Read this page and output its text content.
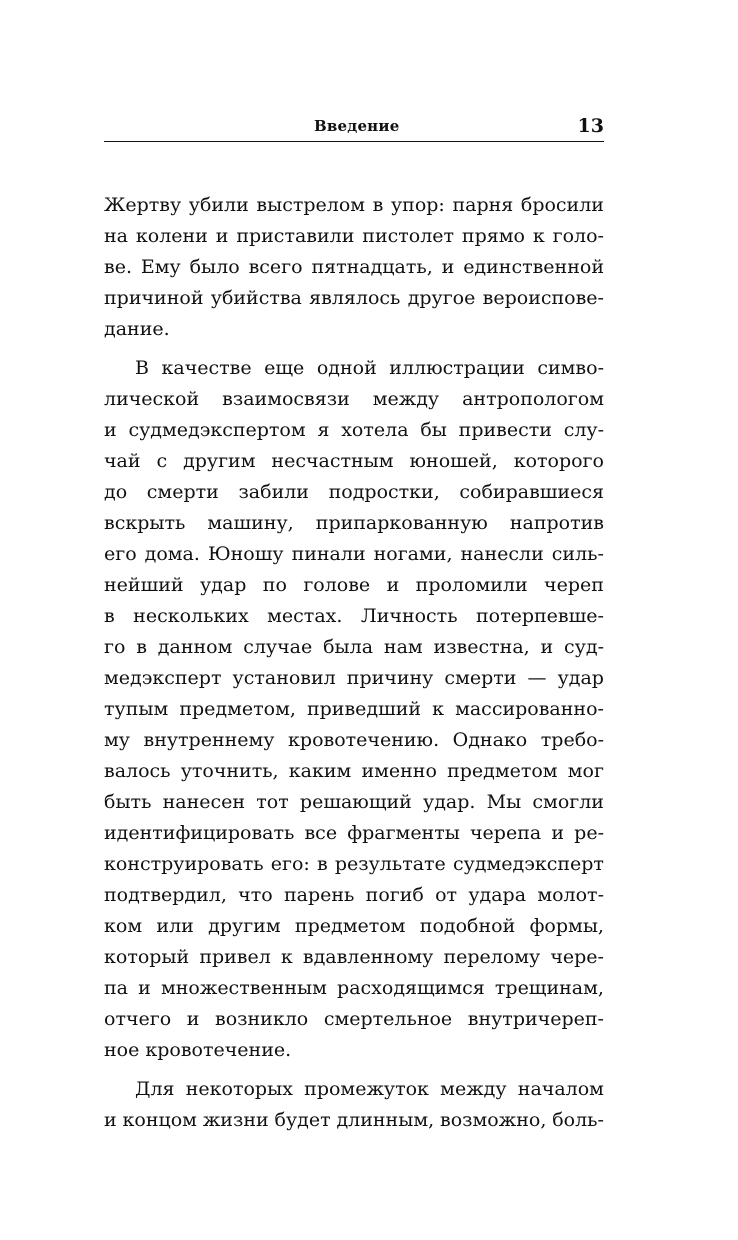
Введение	13
Жертву убили выстрелом в упор: парня бросили
на колени и приставили пистолет прямо к голо-
ве. Ему было всего пятнадцать, и единственной
причиной убийства являлось другое вероисповe-
дание.
В качестве еще одной иллюстрации симво-
лической взаимосвязи между антропологом
и судмедэкспертом я хотела бы привести слу-
чай с другим несчастным юношей, которого
до смерти забили подростки, собиравшиеся
вскрыть машину, припаркованную напротив
его дома. Юношу пинали ногами, нанесли силь-
нейший удар по голове и проломили череп
в нескольких местах. Личность потерпевше-
го в данном случае была нам известна, и суд-
медэксперт установил причину смерти — удар
тупым предметом, приведший к массированно-
му внутреннему кровотечению. Однако требо-
валось уточнить, каким именно предметом мог
быть нанесен тот решающий удар. Мы смогли
идентифицировать все фрагменты черепа и ре-
конструировать его: в результате судмедэксперт
подтвердил, что парень погиб от удара молот-
ком или другим предметом подобной формы,
который привел к вдавленному перелому чере-
па и множественным расходящимся трещинам,
отчего и возникло смертельное внутричереп-
ное кровотечение.
Для некоторых промежуток между началом
и концом жизни будет длинным, возможно, боль-
